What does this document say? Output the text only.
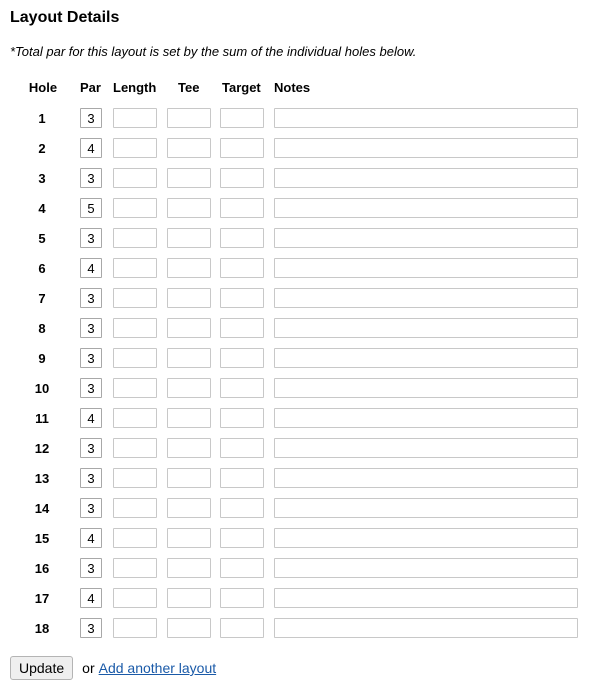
Layout Details

*Total par for this layout is set by the sum of the individual holes below.

Hole Par Length Tee Target Notes
1
3
2
4
3
3
4
5
5
3
6
4
7
3
8
3
9
3
10
3
11
4
12
3
13
3
14
3
15
4
16
3
17
4
18
3
Update	or Add another layout
